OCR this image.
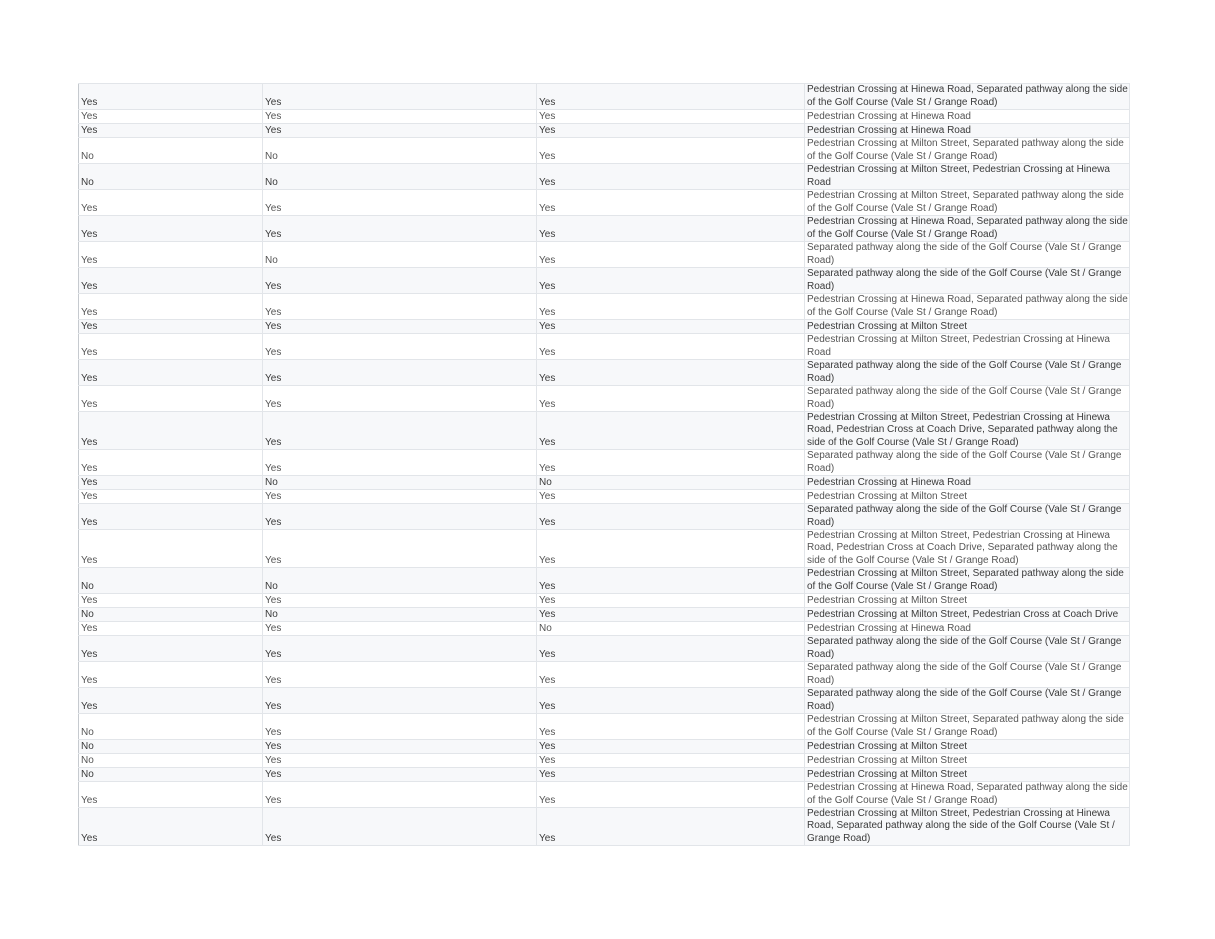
Yes	Yes	Yes	Pedestrian Crossing at Hinewa Road, Separated pathway along the side of the Golf Course (Vale St / Grange Road)
Yes	Yes	Yes	Pedestrian Crossing at Hinewa Road
Yes	Yes	Yes	Pedestrian Crossing at Hinewa Road
No	No	Yes	Pedestrian Crossing at Milton Street, Separated pathway along the side of the Golf Course (Vale St / Grange Road)
No	No	Yes	Pedestrian Crossing at Milton Street, Pedestrian Crossing at Hinewa Road
Yes	Yes	Yes	Pedestrian Crossing at Milton Street, Separated pathway along the side of the Golf Course (Vale St / Grange Road)
Yes	Yes	Yes	Pedestrian Crossing at Hinewa Road, Separated pathway along the side of the Golf Course (Vale St / Grange Road)
Yes	No	Yes	Separated pathway along the side of the Golf Course (Vale St / Grange Road)
Yes	Yes	Yes	Separated pathway along the side of the Golf Course (Vale St / Grange Road)
Yes	Yes	Yes	Pedestrian Crossing at Hinewa Road, Separated pathway along the side of the Golf Course (Vale St / Grange Road)
Yes	Yes	Yes	Pedestrian Crossing at Milton Street
Yes	Yes	Yes	Pedestrian Crossing at Milton Street, Pedestrian Crossing at Hinewa Road
Yes	Yes	Yes	Separated pathway along the side of the Golf Course (Vale St / Grange Road)
Yes	Yes	Yes	Separated pathway along the side of the Golf Course (Vale St / Grange Road)
Yes	Yes	Yes	Pedestrian Crossing at Milton Street, Pedestrian Crossing at Hinewa Road, Pedestrian Cross at Coach Drive, Separated pathway along the side of the Golf Course (Vale St / Grange Road)
Yes	Yes	Yes	Separated pathway along the side of the Golf Course (Vale St / Grange Road)
Yes	No	No	Pedestrian Crossing at Hinewa Road
Yes	Yes	Yes	Pedestrian Crossing at Milton Street
Yes	Yes	Yes	Separated pathway along the side of the Golf Course (Vale St / Grange Road)
Yes	Yes	Yes	Pedestrian Crossing at Milton Street, Pedestrian Crossing at Hinewa Road, Pedestrian Cross at Coach Drive, Separated pathway along the side of the Golf Course (Vale St / Grange Road)
No	No	Yes	Pedestrian Crossing at Milton Street, Separated pathway along the side of the Golf Course (Vale St / Grange Road)
Yes	Yes	Yes	Pedestrian Crossing at Milton Street
No	No	Yes	Pedestrian Crossing at Milton Street, Pedestrian Cross at Coach Drive
Yes	Yes	No	Pedestrian Crossing at Hinewa Road
Yes	Yes	Yes	Separated pathway along the side of the Golf Course (Vale St / Grange Road)
Yes	Yes	Yes	Separated pathway along the side of the Golf Course (Vale St / Grange Road)
Yes	Yes	Yes	Separated pathway along the side of the Golf Course (Vale St / Grange Road)
No	Yes	Yes	Pedestrian Crossing at Milton Street, Separated pathway along the side of the Golf Course (Vale St / Grange Road)
No	Yes	Yes	Pedestrian Crossing at Milton Street
No	Yes	Yes	Pedestrian Crossing at Milton Street
No	Yes	Yes	Pedestrian Crossing at Milton Street
Yes	Yes	Yes	Pedestrian Crossing at Hinewa Road, Separated pathway along the side of the Golf Course (Vale St / Grange Road)
Yes	Yes	Yes	Pedestrian Crossing at Milton Street, Pedestrian Crossing at Hinewa Road, Separated pathway along the side of the Golf Course (Vale St / Grange Road)
